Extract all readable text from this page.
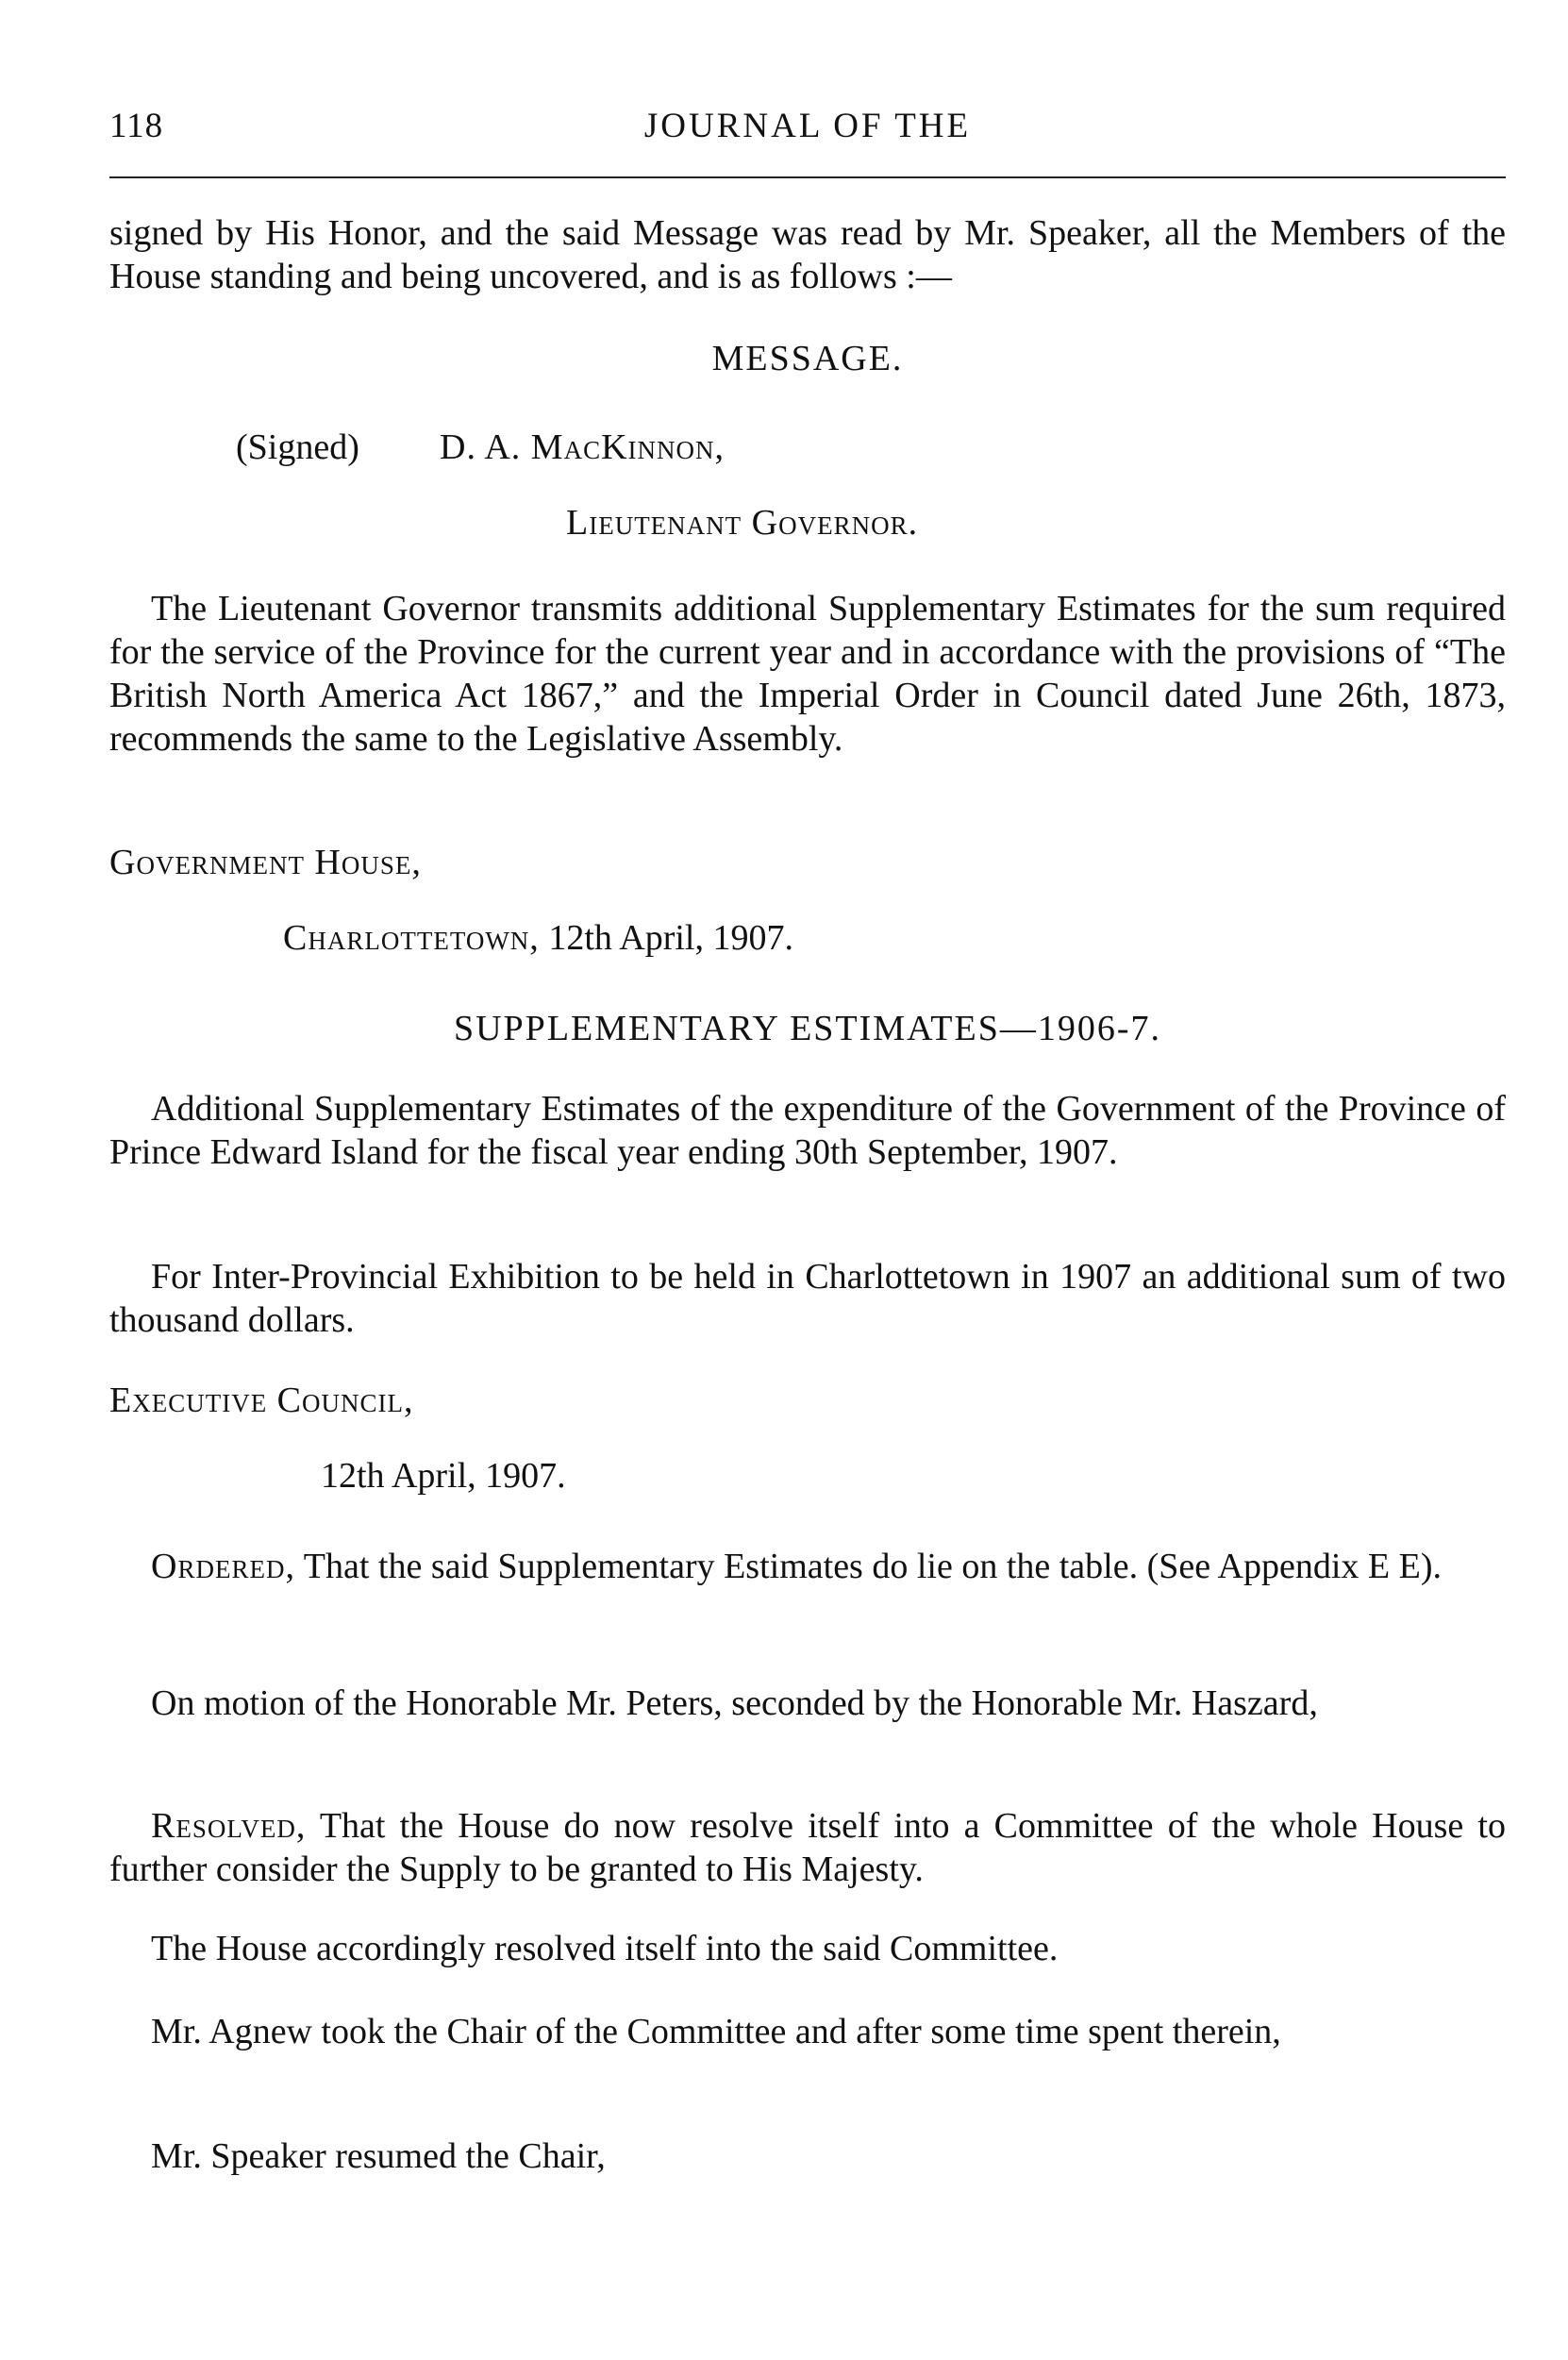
118	JOURNAL OF THE
signed by His Honor, and the said Message was read by Mr. Speaker, all the Members of the House standing and being uncovered, and is as follows :—
MESSAGE.
(Signed) D. A. MacKinnon,
Lieutenant Governor.
The Lieutenant Governor transmits additional Supplementary Estimates for the sum required for the service of the Province for the current year and in accordance with the provisions of “The British North America Act 1867,” and the Imperial Order in Council dated June 26th, 1873, recommends the same to the Legislative Assembly.
Government House,
Charlottetown, 12th April, 1907.
SUPPLEMENTARY ESTIMATES—1906-7.
Additional Supplementary Estimates of the expenditure of the Government of the Province of Prince Edward Island for the fiscal year ending 30th September, 1907.
For Inter-Provincial Exhibition to be held in Charlottetown in 1907 an additional sum of two thousand dollars.
Executive Council,
12th April, 1907.
Ordered, That the said Supplementary Estimates do lie on the table. (See Appendix E E).
On motion of the Honorable Mr. Peters, seconded by the Honorable Mr. Haszard,
Resolved, That the House do now resolve itself into a Committee of the whole House to further consider the Supply to be granted to His Majesty.
The House accordingly resolved itself into the said Committee.
Mr. Agnew took the Chair of the Committee and after some time spent therein,
Mr. Speaker resumed the Chair,
